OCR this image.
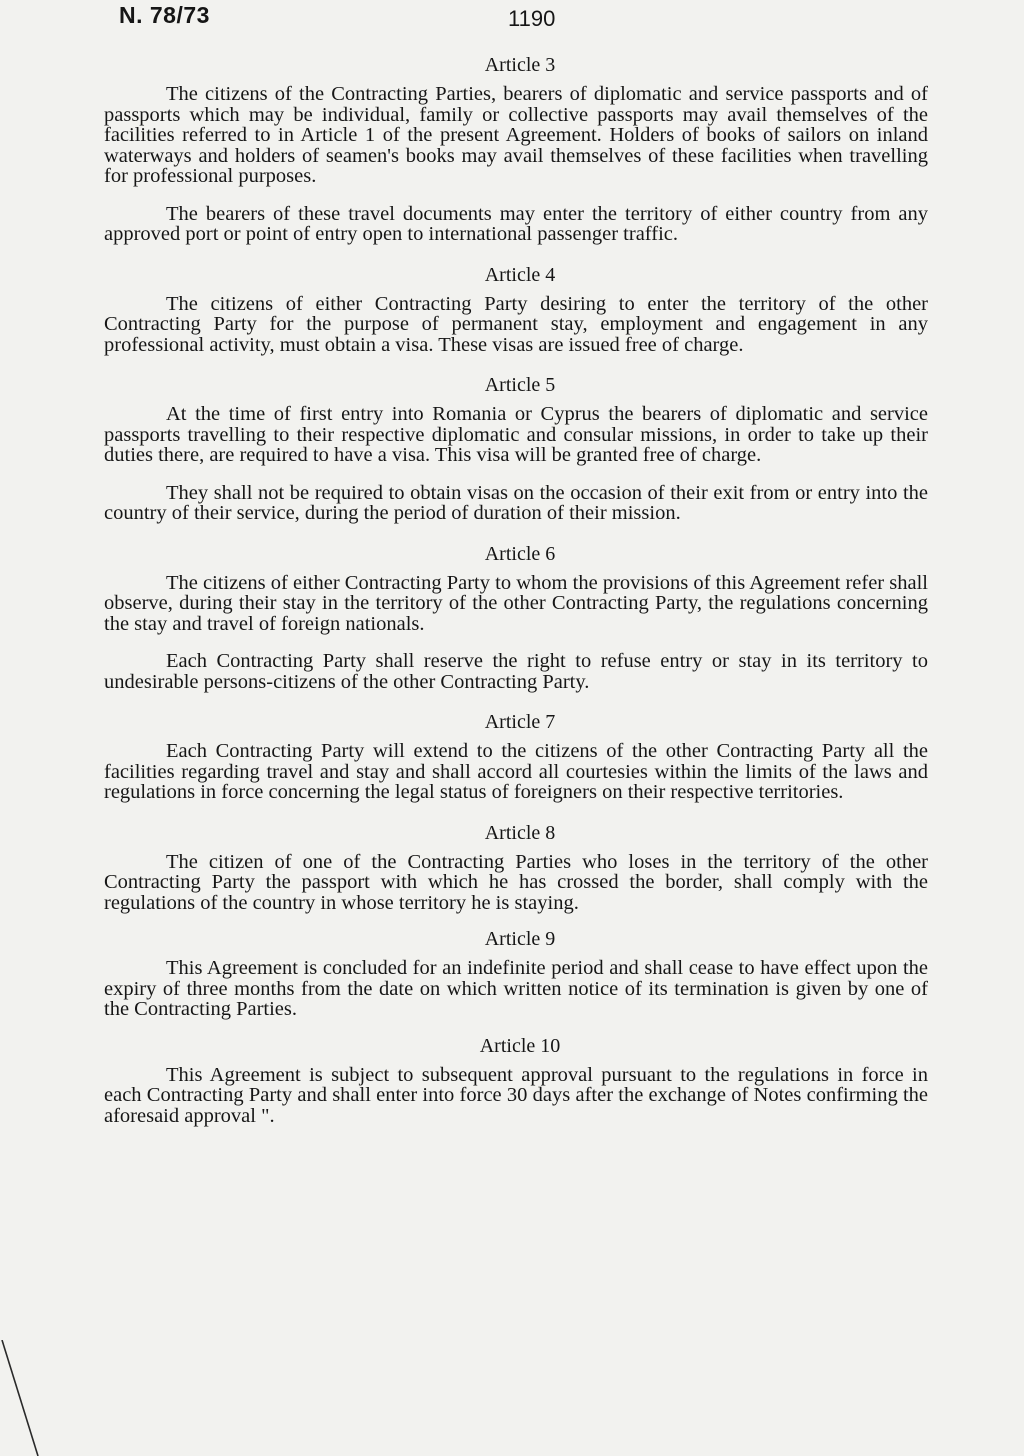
N. 78/73	1190
Article 3

The citizens of the Contracting Parties, bearers of diplomatic and service passports and of passports which may be individual, family or collective passports may avail themselves of the facilities referred to in Article 1 of the present Agreement. Holders of books of sailors on inland waterways and holders of seamen's books may avail themselves of these facilities when travelling for professional purposes.

The bearers of these travel documents may enter the territory of either country from any approved port or point of entry open to international passenger traffic.

Article 4

The citizens of either Contracting Party desiring to enter the territory of the other Contracting Party for the purpose of permanent stay, employment and engagement in any professional activity, must obtain a visa. These visas are issued free of charge.

Article 5

At the time of first entry into Romania or Cyprus the bearers of diplomatic and service passports travelling to their respective diplomatic and consular missions, in order to take up their duties there, are required to have a visa. This visa will be granted free of charge.

They shall not be required to obtain visas on the occasion of their exit from or entry into the country of their service, during the period of duration of their mission.

Article 6

The citizens of either Contracting Party to whom the provisions of this Agreement refer shall observe, during their stay in the territory of the other Contracting Party, the regulations concerning the stay and travel of foreign nationals.

Each Contracting Party shall reserve the right to refuse entry or stay in its territory to undesirable persons-citizens of the other Contracting Party.

Article 7

Each Contracting Party will extend to the citizens of the other Contracting Party all the facilities regarding travel and stay and shall accord all courtesies within the limits of the laws and regulations in force concerning the legal status of foreigners on their respective territories.

Article 8

The citizen of one of the Contracting Parties who loses in the territory of the other Contracting Party the passport with which he has crossed the border, shall comply with the regulations of the country in whose territory he is staying.

Article 9

This Agreement is concluded for an indefinite period and shall cease to have effect upon the expiry of three months from the date on which written notice of its termination is given by one of the Contracting Parties.

Article 10

This Agreement is subject to subsequent approval pursuant to the regulations in force in each Contracting Party and shall enter into force 30 days after the exchange of Notes confirming the aforesaid approval ".
